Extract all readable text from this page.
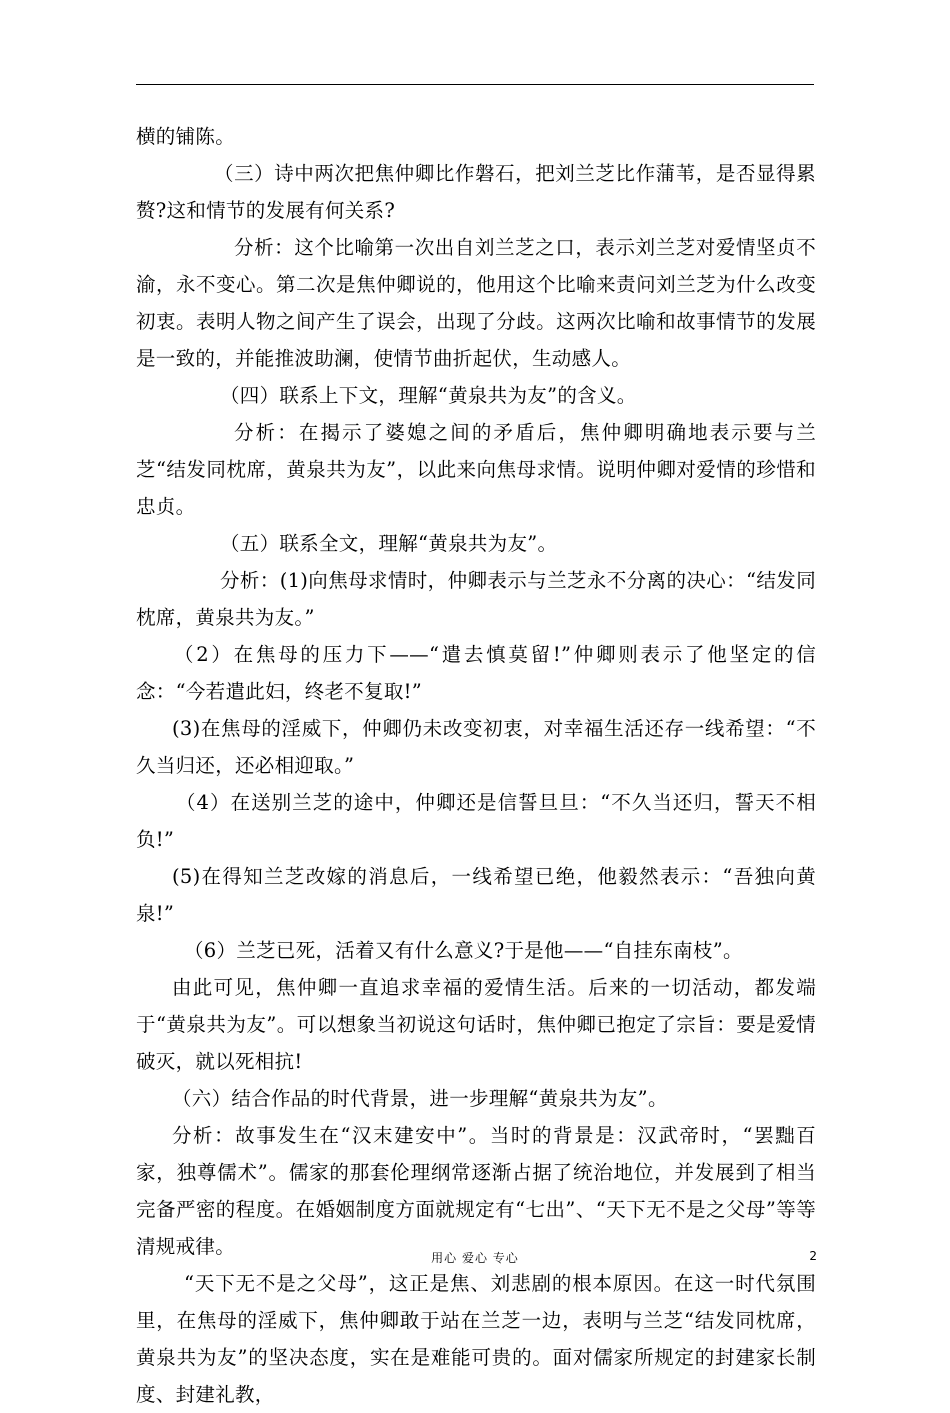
横的铺陈。

（三）诗中两次把焦仲卿比作磐石，把刘兰芝比作蒲苇，是否显得累赘?这和情节的发展有何关系?

分析：这个比喻第一次出自刘兰芝之口，表示刘兰芝对爱情坚贞不渝，永不变心。第二次是焦仲卿说的，他用这个比喻来责问刘兰芝为什么改变初衷。表明人物之间产生了误会，出现了分歧。这两次比喻和故事情节的发展是一致的，并能推波助澜，使情节曲折起伏，生动感人。

（四）联系上下文，理解“黄泉共为友”的含义。

分析：在揭示了婆媳之间的矛盾后，焦仲卿明确地表示要与兰芝“结发同枕席，黄泉共为友”，以此来向焦母求情。说明仲卿对爱情的珍惜和忠贞。

（五）联系全文，理解“黄泉共为友”。

分析：(1)向焦母求情时，仲卿表示与兰芝永不分离的决心：“结发同枕席，黄泉共为友。”

（2）在焦母的压力下——“遣去慎莫留!”仲卿则表示了他坚定的信念：“今若遣此妇，终老不复取!”

(3)在焦母的淫威下，仲卿仍未改变初衷，对幸福生活还存一线希望：“不久当归还，还必相迎取。”

（4）在送别兰芝的途中，仲卿还是信誓旦旦：“不久当还归，誓天不相负!”

(5)在得知兰芝改嫁的消息后，一线希望已绝，他毅然表示：“吾独向黄泉!”

（6）兰芝已死，活着又有什么意义?于是他——“自挂东南枝”。

由此可见，焦仲卿一直追求幸福的爱情生活。后来的一切活动，都发端于“黄泉共为友”。可以想象当初说这句话时，焦仲卿已抱定了宗旨：要是爱情破灭，就以死相抗!

（六）结合作品的时代背景，进一步理解“黄泉共为友”。

分析：故事发生在“汉末建安中”。当时的背景是：汉武帝时，“罢黜百家，独尊儒术”。儒家的那套伦理纲常逐渐占据了统治地位，并发展到了相当完备严密的程度。在婚姻制度方面就规定有“七出”、“天下无不是之父母”等等清规戒律。

“天下无不是之父母”，这正是焦、刘悲剧的根本原因。在这一时代氛围里，在焦母的淫威下，焦仲卿敢于站在兰芝一边，表明与兰芝“结发同枕席，黄泉共为友”的坚决态度，实在是难能可贵的。面对儒家所规定的封建家长制度、封建礼教，

用心 爱心 专心	2
